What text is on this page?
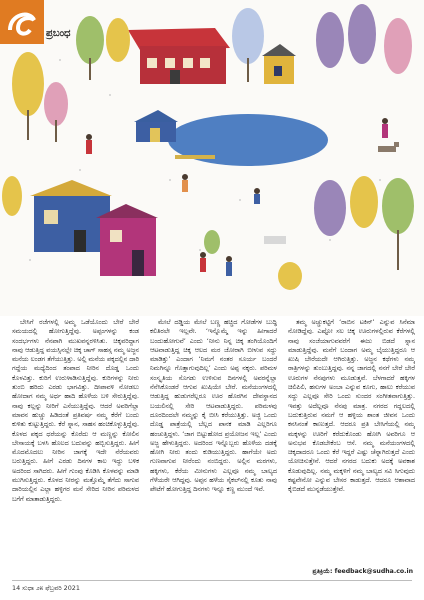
ಪ್ರಬಂಧ

ಬೇಸಿಗೆ ರಜೆಗಳಲ್ಲಿ ಅಮ್ಮ ಒಡೆಯೊಂದು ಬೇರೆ ಬೇರೆ ಸಮಯದಲ್ಲಿ ಹೋಗುತ್ತಿದ್ದೆವು. ಅಪ್ಪಂಗಳನ್ನು ಕಂಡ ಸಂದರ್ಭಗಳು ನೆನಪಾಗಿ ಮುಖವನ್ನರಳಿಸಿತು. ಚಿಕ್ಕವರಿದ್ದಾಗ ನಾವು ಆಡುತ್ತಿದ್ದ ವಯಸ್ಸಿನಲ್ಲೇ ಚಿಕ್ಕ ಚಾಗ್ ಸಾಹಸ್ಸ ನಮ್ಮ ಅಜ್ಜನ ಮನೆಯ ಲಂಡಗ ತೆಗೆಯುತ್ತಿತ್ತು. ಅಲ್ಲಿ ಮನೆಯ ಪಕ್ಕದಲ್ಲಿನ ದಾರಿ ಗದ್ದೆಯ ಮಧ್ಯೆದಿಂದ ತಂಪಾದ ನೀರಿನ ದೊಡ್ಡ ಒಂದು ಕೊಳವಿತ್ತು. ಕುರಿಗೆ ಉರುಳಾಡಿಸುತ್ತಿದ್ದೆವು. ಕುರಿಗಳನ್ನು ನೀರು ತುಂಬಿ ಹರಿದು ಎರಡು ಭಾಗವಿತ್ತು. ದೀಪಾವಳಿ ನೋಡಲು ಹೋದಾಗ ನಮ್ಮ ಅರ್ಧ ಹಾದಿ ಹೊಳೆಯ ಬಳಿ ಸೇರುತ್ತಿದ್ದೆವು. ನಾವು ಕಲ್ಲನ್ನು ನೀರಿಗೆ ಎಸೆಯುತ್ತಿದ್ದೆವು. ಆದರೆ ಅವರಿಗೆಲ್ಲಾ ಮಾವನ ಹುಚ್ಚು ಹಿಡಿದಂತೆ ಪ್ರತಿವರ್ಷ ನಮ್ಮ ಕೆರೆಗೆ ಬಂದು ಕುಳಿತು ಕುಟ್ಟುತ್ತಿದ್ದರು. ಕೆರೆ ಸ್ನಾನ, ಸಾಹಸ ಹಂಚಿಕೊಳ್ಳುತ್ತಿದ್ದೆವು. ಕೊಳದ ಪಕ್ಕದ ಧರೆಯನ್ನು ಕೊರೆದು ಆ ಮಣ್ಣನ್ನು ಕೋಲಿನ ಬೇಸಾಯಕ್ಕೆ ಬಳಸಿ ಹೊಲದ ಬದುವನ್ನು ಹಬ್ಬಿಸುತ್ತಿದ್ದರು. ಹೀಗೆ ಮೊದಮೊದಲು ನೀರಿನ ಜಾಗಕ್ಕೆ ಇದೇ ನೆರೆಯವರು ಬರುತ್ತಿದ್ದರು. ಹೀಗೆ ಎರಡು ದಿನಗಳ ಕಾಲ ಇದ್ದು ಬಳಿಕ ಅದರಿಂದ ಸಾಗಿದರು. ಹೀಗೆ ಗುಂಪು ಕೊಡಿಸಿ ಕೊಳವನ್ನು ಮಾಡಿ ಮುಗಿಸುತ್ತಿದ್ದರು. ಕೊಳದ ನೀರನ್ನು ಮತ್ತೊಮ್ಮೆ ತೆಗೆದು ಸಾಗುವ ದಾರಿಯಲ್ಲಿನ ಎಲ್ಲಾ ಹಳ್ಳಿಗರ ಮನೆ ಸೇರಿದ ನೀರಿನ ಪರಿಮಳದ ಬಗೆಗೆ ಮಾತಾಡುತ್ತಿದ್ದರು.

ಮೇಲೆ ದಡ್ಡಿಯ ಮೇಲೆ ಬಣ್ಣ ಹಚ್ಚಿದ ಗೋಡೆಗಳ ಬುದ್ಧಿ ಕಲಿತಿರಲೇ ಇಲ್ಲವೇ. ‘ಇನ್ನೊಮ್ಮೆ ಇನ್ನು ಹೀಗಾದರೆ ಬಂದುಹೋಗುವೆ’ ಎಂದು ‘ನೀನು ನಿನ್ನ ಚಿಕ್ಕ ತಂಗಿಯೊಂದಿಗೆ ಆಟವಾಡುತ್ತಿದ್ದ ಚಿಕ್ಕ ಆಲದ ಮರ ಜೋರಾಗಿ ಬೀಳುವ ಸದ್ದು ಮಾಡಿತ್ತು’ ಎಂದಾಗ ‘ನಿಮಗೆ ನಂತರ ಸೂರ್ಯ ಬಂದರೆ ನಿಮಗಿನ್ನೂ ಗೊತ್ತಾಗುವುದಿಲ್ಲ’ ಎಂದು ಅಪ್ಪ ನಕ್ಕರು. ಪರಿಮಳ ಸಂಸ್ಕೃತಿಯ ಸೊಗಡು ಉಳಿಸುವ ದಿನಗಳಲ್ಲಿ ಅವರನ್ನೆಲ್ಲಾ ನೆನೆಸಿಕೊಂಡರೆ ಆಗುವ ಖುಷಿಯೇ ಬೇರೆ. ಮನೆಯಂಗಳದಲ್ಲಿ ಆಡುತ್ತಿದ್ದ ಹುಡುಗರೆಲ್ಲರೂ ಊರ ಹೊರಗಿನ ದೇವಸ್ಥಾನದ ಬಯಲಿನಲ್ಲಿ ಸೇರಿ ಆಟವಾಡುತ್ತಿದ್ದರು. ಪರಿಮಳವು ದೂರದಿಂದಲೇ ನಮ್ಮನ್ನು ಕೈ ಬೀಸಿ ಕರೆಯುತ್ತಿತ್ತು. ಅಜ್ಜಿ ಒಂದು ದೊಡ್ಡ ಪಾತ್ರೆಯಲ್ಲಿ ಬೆಲ್ಲದ ಪಾನಕ ಮಾಡಿ ಎಲ್ಲರಿಗೂ ಹಂಚುತ್ತಿದ್ದಳು. ‘ಜಾಗ ಬಿಟ್ಟುಹೋದ ಪ್ರಯೋಜನ ಇಲ್ಲ’ ಎಂದು ಅಜ್ಜ ಹೇಳುತ್ತಿದ್ದರು. ಅದರಿಂದ ಇನ್ನೊಬ್ಬರು ಹೊಳೆಯ ದಡಕ್ಕೆ ಹೋಗಿ ನೀರು ತಂದು ಕುಡಿಯುತ್ತಿದ್ದರು. ಹಾಗೆಯೇ ಅದು ಗುಣವಾಗುವ ನೀರೆಂದು ನಂಬಿದ್ದರು. ಅಲ್ಲಿನ ಮರಗಳು, ಹಕ್ಕಿಗಳು, ಕೆರೆಯ ಮೀನುಗಳು ಎಲ್ಲವೂ ನಮ್ಮ ಬಾಲ್ಯದ ಗೆಳೆಯರೇ ಆಗಿದ್ದವು. ಅಪ್ಪನ ಹಳೆಯ ಸೈಕಲ್‌ನಲ್ಲಿ ಕೂತು ನಾವು ಪೇಟೆಗೆ ಹೋಗುತ್ತಿದ್ದ ದಿನಗಳು ಇನ್ನೂ ಕಣ್ಣ ಮುಂದೆ ಇವೆ.

ತಮ್ಮ ಅಚ್ಚುಕಟ್ಟಿಗೆ ‘ರಾಬಿನ ಟಕಿನ್’ ಎನ್ನುವ ಸಿನೆಮಾ ನೋಡಿದ್ದೆವು. ಎಷ್ಟೋ ಸಲ ಚಿಕ್ಕ ಊರುಗಳಲ್ಲಿರುವ ಕೆರೆಗಳಲ್ಲಿ ನಾವು ಸಂಜೆಯಾಗುವವರೆಗೆ ಈಜು ಬಿಡದೆ ಸ್ನಾನ ಮಾಡುತ್ತಿದ್ದೆವು. ಮನೆಗೆ ಬಂದಾಗ ಅಮ್ಮ ಬೈಯುತ್ತಿದ್ದರೂ ಆ ಖುಷಿ ಬೇರೆಯದೇ ಆಗಿರುತ್ತಿತ್ತು. ಅಜ್ಜನ ಕಥೆಗಳು ನಮ್ಮ ರಾತ್ರಿಗಳನ್ನು ತುಂಬುತ್ತಿದ್ದವು. ನನ್ನ ಜಾಗದಲ್ಲಿ ನನಗೆ ಬೇರೆ ಬೇರೆ ಊರುಗಳ ನೆನಪುಗಳು ಮೂಡುತ್ತವೆ. ಬೆಳಗಾದರೆ ಹಕ್ಕಿಗಳ ಚಿಲಿಪಿಲಿ, ಹಸುಗಳ ಅಂಬಾ ಎನ್ನುವ ಕೂಗು, ಹಾಲು ಕರೆಯುವ ಸದ್ದು ಎಲ್ಲವೂ ಸೇರಿ ಒಂದು ಸುಂದರ ಸಂಗೀತವಾಗುತ್ತಿತ್ತು. ಇವತ್ತು ಅದೆಲ್ಲವೂ ನೆನಪು ಮಾತ್ರ. ನಗರದ ಗದ್ದಲದಲ್ಲಿ ಬದುಕುತ್ತಿರುವ ನಮಗೆ ಆ ಹಳ್ಳಿಯ ಶಾಂತ ಜೀವನ ಒಂದು ಕನಸಿನಂತೆ ಕಾಣುತ್ತದೆ. ಆದರೂ ಪ್ರತಿ ಬೇಸಿಗೆಯಲ್ಲಿ ನಮ್ಮ ಮಕ್ಕಳನ್ನು ಊರಿಗೆ ಕರೆದುಕೊಂಡು ಹೋಗಿ ಅವರಿಗೂ ಆ ಅನುಭವ ಕೊಡಬೇಕೆಂಬ ಆಸೆ. ನಮ್ಮ ಮನೆಯಂಗಳದಲ್ಲಿ ಚಿಕ್ಕದಾದರೂ ಒಂದು ಕೆರೆ ಇದ್ದರೆ ಎಷ್ಟು ಚೆನ್ನಾಗಿರುತ್ತದೆ ಎಂದು ಯೋಚಿಸುತ್ತೇನೆ. ಆದರೆ ನಗರದ ಬದುಕು ಅದಕ್ಕೆ ಅವಕಾಶ ಕೊಡುವುದಿಲ್ಲ. ನಮ್ಮ ಮಕ್ಕಳಿಗೆ ನಮ್ಮ ಬಾಲ್ಯದ ಸವಿ ಸಿಗುವುದು ಕಷ್ಟವೇನೋ ಎನ್ನುವ ಬೇಸರ ಕಾಡುತ್ತದೆ. ಆದರೂ ಆಶಾವಾದ ಕೈಬಿಡದೆ ಮುನ್ನಡೆಯುತ್ತೇವೆ.

ಪ್ರತಿಕ್ರಿಯೆ: feedback@sudha.co.in
14 ಸುಧಾ ೨೫ ಫೆಬ್ರವರಿ 2021
